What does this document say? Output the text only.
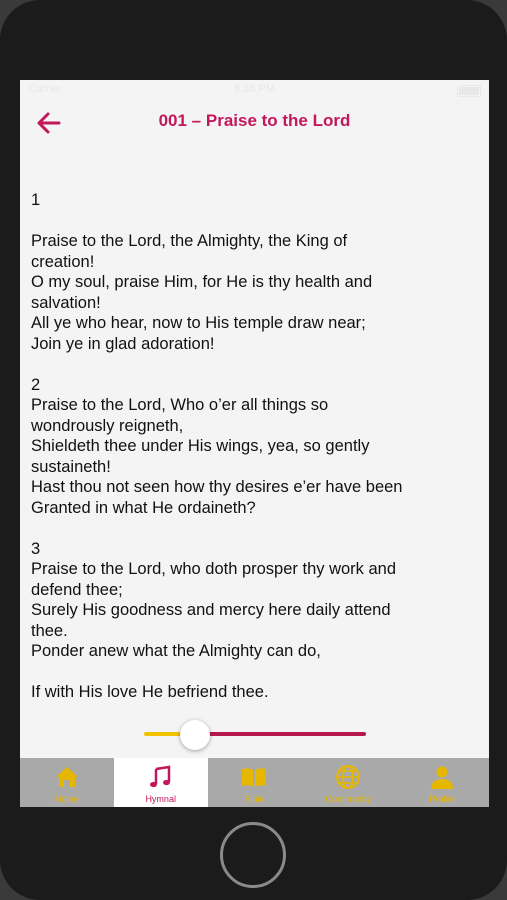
Carrier	8:38 PM
001 – Praise to the Lord

1

Praise to the Lord, the Almighty, the King of

creation!

O my soul, praise Him, for He is thy health and

salvation!

All ye who hear, now to His temple draw near;

Join ye in glad adoration!

2

Praise to the Lord, Who o’er all things so

wondrously reigneth,

Shieldeth thee under His wings, yea, so gently

sustaineth!

Hast thou not seen how thy desires e’er have been

Granted in what He ordaineth?

3

Praise to the Lord, who doth prosper thy work and

defend thee;

Surely His goodness and mercy here daily attend

thee.

Ponder anew what the Almighty can do,

If with His love He befriend thee.

Home	Hymnal	Bible	Community	Profile
